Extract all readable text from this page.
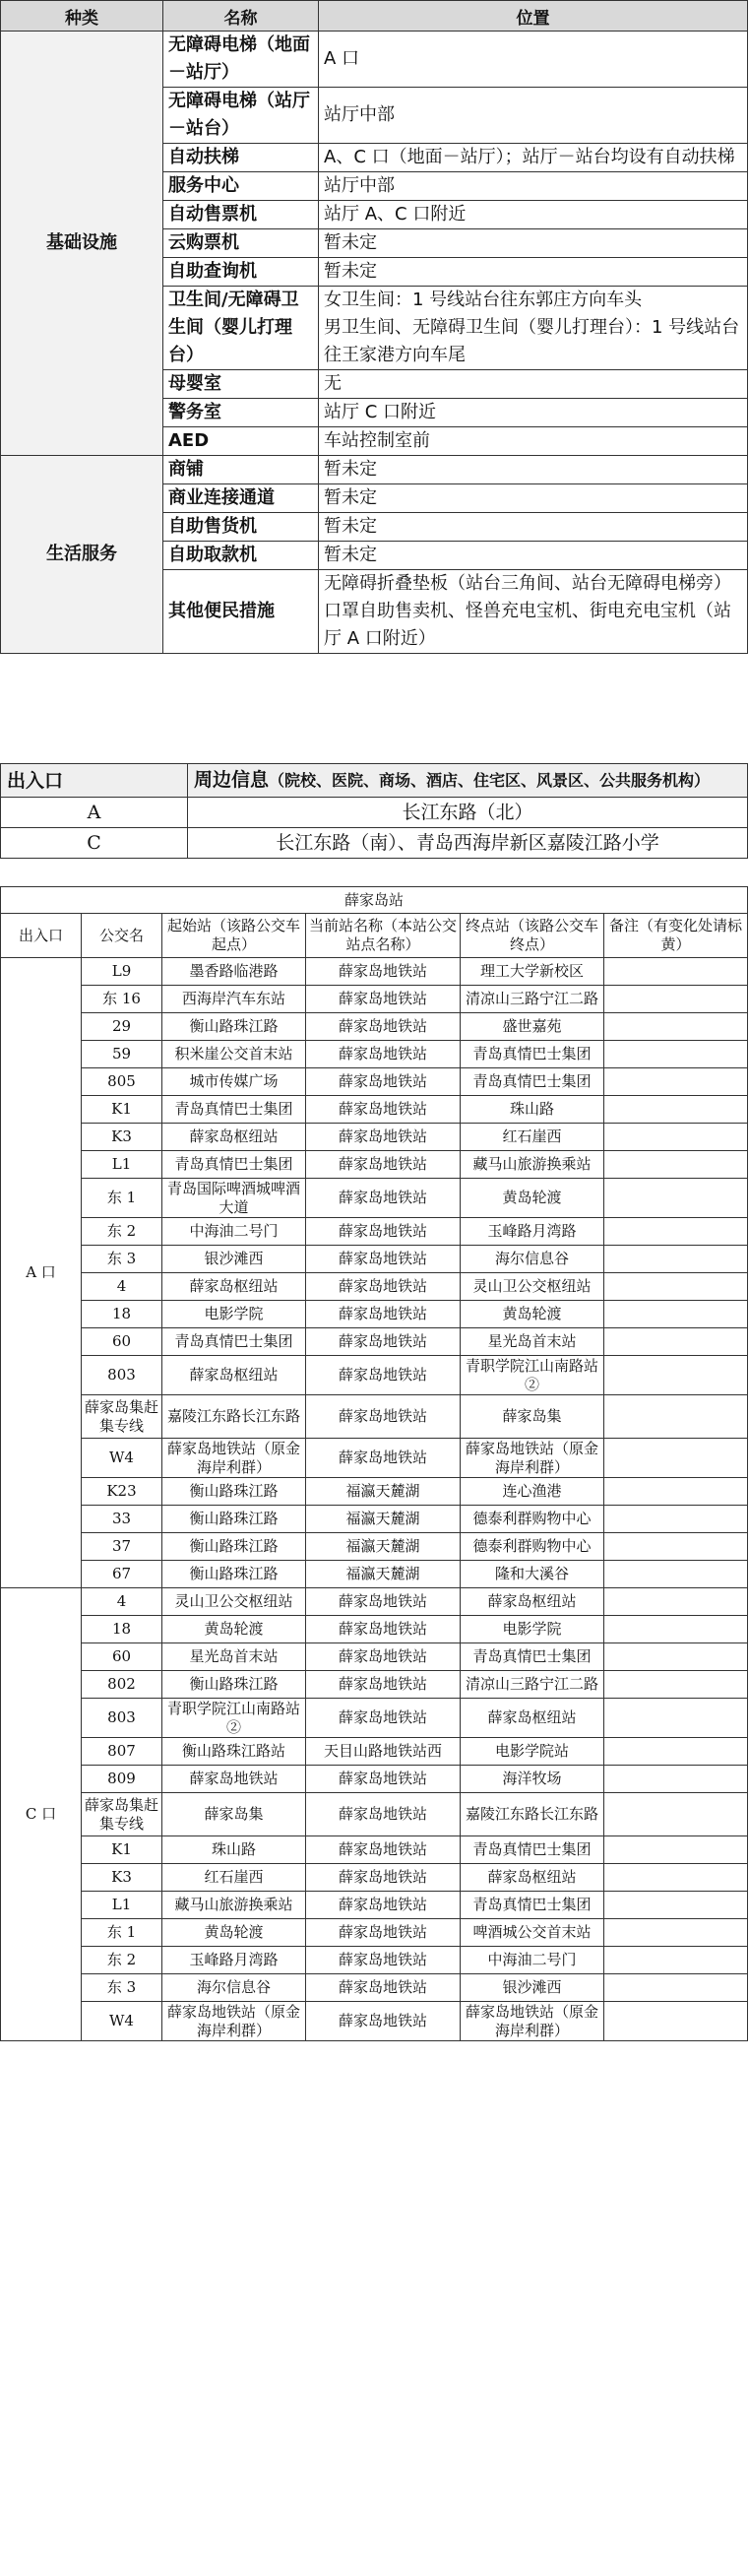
种类	名称	位置
基础设施	无障碍电梯（地面－站厅）	A 口
	无障碍电梯（站厅－站台）	站厅中部
	自动扶梯	A、C 口（地面－站厅）；站厅－站台均设有自动扶梯
	服务中心	站厅中部
	自动售票机	站厅 A、C 口附近
	云购票机	暂未定
	自助查询机	暂未定
	卫生间/无障碍卫生间（婴儿打理台）	女卫生间：1 号线站台往东郭庄方向车头
男卫生间、无障碍卫生间（婴儿打理台）：1 号线站台往王家港方向车尾
	母婴室	无
	警务室	站厅 C 口附近
	AED	车站控制室前
生活服务	商铺	暂未定
	商业连接通道	暂未定
	自助售货机	暂未定
	自助取款机	暂未定
	其他便民措施	无障碍折叠垫板（站台三角间、站台无障碍电梯旁）
口罩自助售卖机、怪兽充电宝机、街电充电宝机（站厅 A 口附近）
出入口	周边信息（院校、医院、商场、酒店、住宅区、风景区、公共服务机构）
A	长江东路（北）
C	长江东路（南）、青岛西海岸新区嘉陵江路小学
薛家岛站					
出入口	公交名	起始站（该路公交车起点）	当前站名称（本站公交站点名称）	终点站（该路公交车终点）	备注（有变化处请标黄）
A 口	L9	墨香路临港路	薛家岛地铁站	理工大学新校区	
	东 16	西海岸汽车东站	薛家岛地铁站	清凉山三路宁江二路	
	29	衡山路珠江路	薛家岛地铁站	盛世嘉苑	
	59	积米崖公交首末站	薛家岛地铁站	青岛真情巴士集团	
	805	城市传媒广场	薛家岛地铁站	青岛真情巴士集团	
	K1	青岛真情巴士集团	薛家岛地铁站	珠山路	
	K3	薛家岛枢纽站	薛家岛地铁站	红石崖西	
	L1	青岛真情巴士集团	薛家岛地铁站	藏马山旅游换乘站	
	东 1	青岛国际啤酒城啤酒大道	薛家岛地铁站	黄岛轮渡	
	东 2	中海油二号门	薛家岛地铁站	玉峰路月湾路	
	东 3	银沙滩西	薛家岛地铁站	海尔信息谷	
	4	薛家岛枢纽站	薛家岛地铁站	灵山卫公交枢纽站	
	18	电影学院	薛家岛地铁站	黄岛轮渡	
	60	青岛真情巴士集团	薛家岛地铁站	星光岛首末站	
	803	薛家岛枢纽站	薛家岛地铁站	青职学院江山南路站②	
	薛家岛集赶集专线	嘉陵江东路长江东路	薛家岛地铁站	薛家岛集	
	W4	薛家岛地铁站（原金海岸利群）	薛家岛地铁站	薛家岛地铁站（原金海岸利群）	
	K23	衡山路珠江路	福瀛天麓湖	连心渔港	
	33	衡山路珠江路	福瀛天麓湖	德泰利群购物中心	
	37	衡山路珠江路	福瀛天麓湖	德泰利群购物中心	
	67	衡山路珠江路	福瀛天麓湖	隆和大溪谷	
C 口	4	灵山卫公交枢纽站	薛家岛地铁站	薛家岛枢纽站	
	18	黄岛轮渡	薛家岛地铁站	电影学院	
	60	星光岛首末站	薛家岛地铁站	青岛真情巴士集团	
	802	衡山路珠江路	薛家岛地铁站	清凉山三路宁江二路	
	803	青职学院江山南路站②	薛家岛地铁站	薛家岛枢纽站	
	807	衡山路珠江路站	天目山路地铁站西	电影学院站	
	809	薛家岛地铁站	薛家岛地铁站	海洋牧场	
	薛家岛集赶集专线	薛家岛集	薛家岛地铁站	嘉陵江东路长江东路	
	K1	珠山路	薛家岛地铁站	青岛真情巴士集团	
	K3	红石崖西	薛家岛地铁站	薛家岛枢纽站	
	L1	藏马山旅游换乘站	薛家岛地铁站	青岛真情巴士集团	
	东 1	黄岛轮渡	薛家岛地铁站	啤酒城公交首末站	
	东 2	玉峰路月湾路	薛家岛地铁站	中海油二号门	
	东 3	海尔信息谷	薛家岛地铁站	银沙滩西	
	W4	薛家岛地铁站（原金海岸利群）	薛家岛地铁站	薛家岛地铁站（原金海岸利群）	
